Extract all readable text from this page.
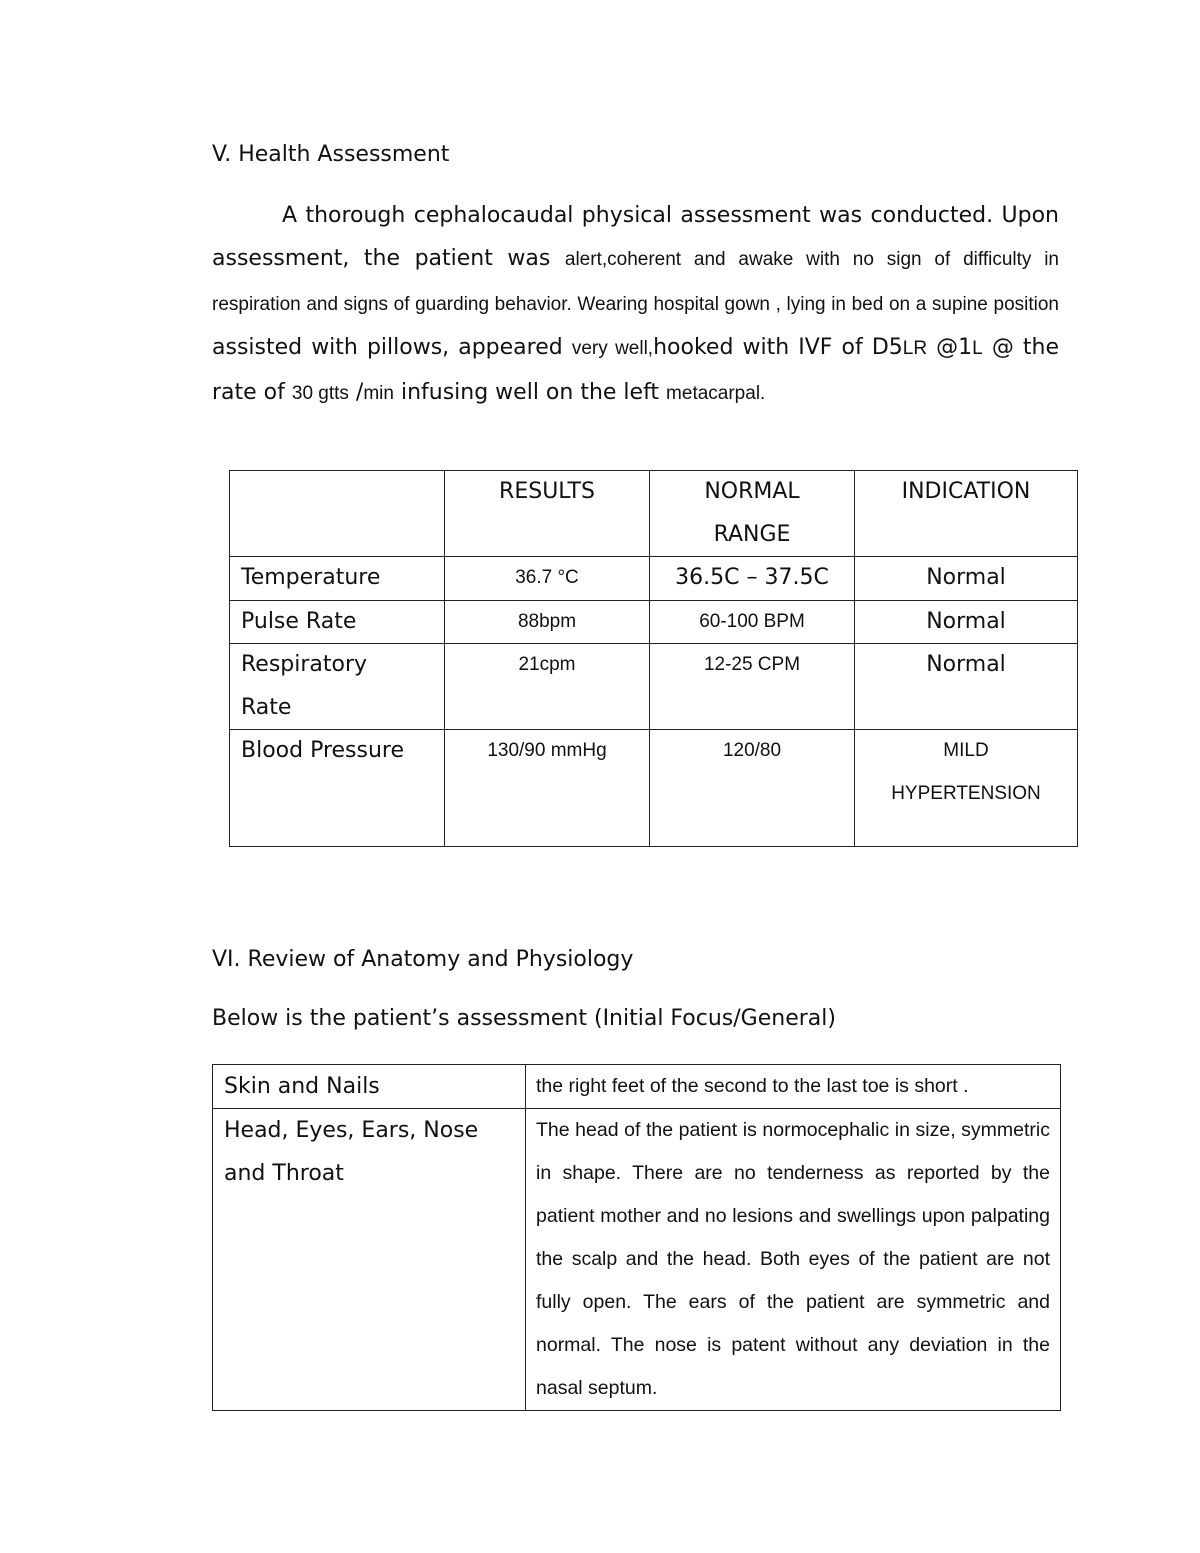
V. Health Assessment

A thorough cephalocaudal physical assessment was conducted. Upon assessment, the patient was alert,coherent and awake with no sign of difficulty in respiration and signs of guarding behavior. Wearing hospital gown , lying in bed on a supine position assisted with pillows, appeared very well,hooked with IVF of D5LR @1L @ the rate of 30 gtts /min infusing well on the left metacarpal.

	RESULTS	NORMAL RANGE	INDICATION
Temperature	36.7 °C	36.5C – 37.5C	Normal
Pulse Rate	88bpm	60-100 BPM	Normal

Respiratory Rate	21cpm	12-25 CPM	Normal
Blood Pressure	130/90 mmHg	120/80	MILD HYPERTENSION
VI. Review of Anatomy and Physiology
Below is the patient’s assessment (Initial Focus/General)
Skin and Nails	the right feet of the second to the last toe is short .

Head, Eyes, Ears, Nose and Throat	The head of the patient is normocephalic in size, symmetric in shape. There are no tenderness as reported by the patient mother and no lesions and swellings upon palpating the scalp and the head. Both eyes of the patient are not fully open. The ears of the patient are symmetric and normal. The nose is patent without any deviation in the nasal septum.
